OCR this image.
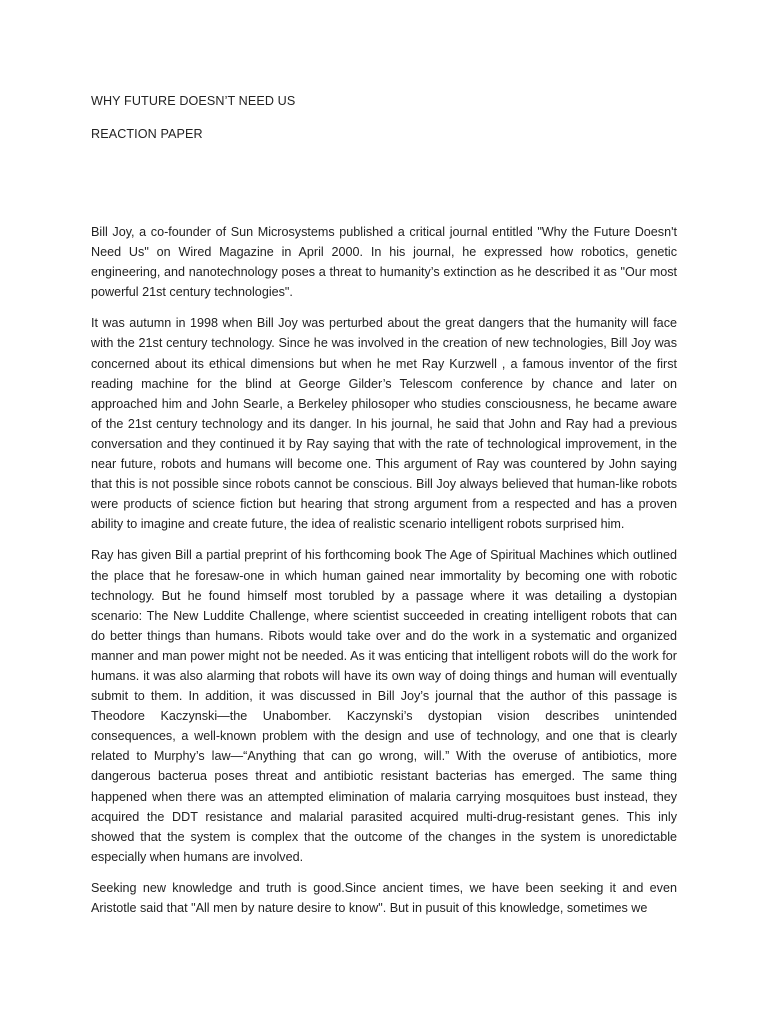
WHY FUTURE DOESN’T NEED US
REACTION PAPER

Bill Joy, a co-founder of Sun Microsystems published a critical journal entitled "Why the Future Doesn't Need Us" on Wired Magazine in April 2000. In his journal, he expressed how robotics, genetic engineering, and nanotechnology poses a threat to humanity’s extinction as he described it as "Our most powerful 21st century technologies".

It was autumn in 1998 when Bill Joy was perturbed about the great dangers that the humanity will face with the 21st century technology. Since he was involved in the creation of new technologies, Bill Joy was concerned about its ethical dimensions but when he met Ray Kurzwell , a famous inventor of the first reading machine for the blind at George Gilder’s Telescom conference by chance and later on approached him and John Searle, a Berkeley philosoper who studies consciousness, he became aware of the 21st century technology and its danger. In his journal, he said that John and Ray had a previous conversation and they continued it by Ray saying that with the rate of technological improvement, in the near future, robots and humans will become one. This argument of Ray was countered by John saying that this is not possible since robots cannot be conscious. Bill Joy always believed that human-like robots were products of science fiction but hearing that strong argument from a respected and has a proven ability to imagine and create future, the idea of realistic scenario intelligent robots surprised him.

Ray has given Bill a partial preprint of his forthcoming book The Age of Spiritual Machines which outlined the place that he foresaw-one in which human gained near immortality by becoming one with robotic technology. But he found himself most torubled by a passage where it was detailing a dystopian scenario: The New Luddite Challenge, where scientist succeeded in creating intelligent robots that can do better things than humans. Ribots would take over and do the work in a systematic and organized manner and man power might not be needed. As it was enticing that intelligent robots will do the work for humans. it was also alarming that robots will have its own way of doing things and human will eventually submit to them. In addition, it was discussed in Bill Joy’s journal that the author of this passage is Theodore Kaczynski—the Unabomber. Kaczynski’s dystopian vision describes unintended consequences, a well-known problem with the design and use of technology, and one that is clearly related to Murphy’s law—“Anything that can go wrong, will.” With the overuse of antibiotics, more dangerous bacterua poses threat and antibiotic resistant bacterias has emerged. The same thing happened when there was an attempted elimination of malaria carrying mosquitoes bust instead, they acquired the DDT resistance and malarial parasited acquired multi-drug-resistant genes. This inly showed that the system is complex that the outcome of the changes in the system is unoredictable especially when humans are involved.

Seeking new knowledge and truth is good.Since ancient times, we have been seeking it and even Aristotle said that "All men by nature desire to know". But in pusuit of this knowledge, sometimes we
